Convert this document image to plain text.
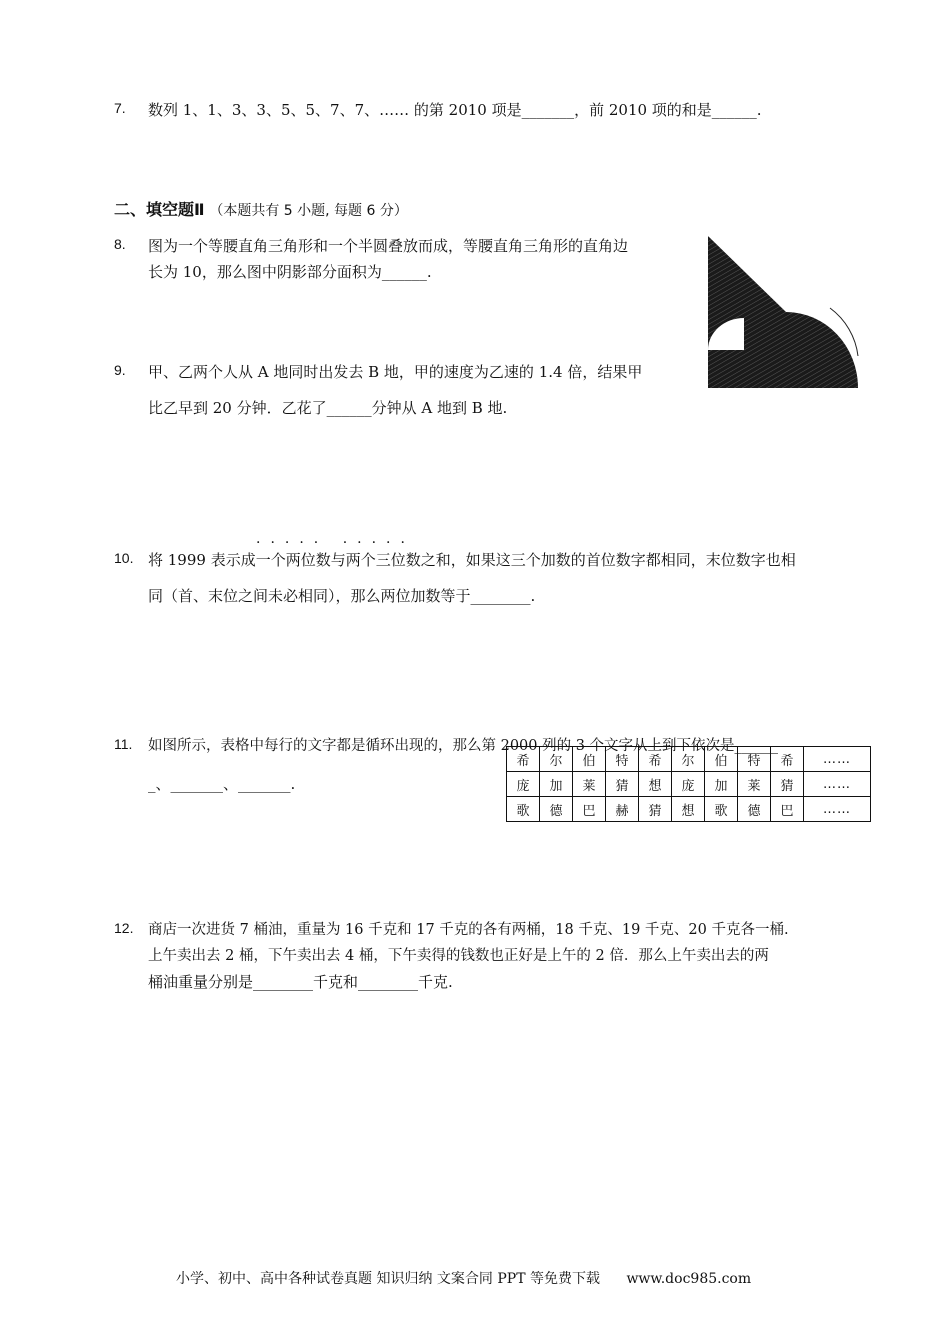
7. 数列 1、1、3、3、5、5、7、7、…… 的第 2010 项是_______，前 2010 项的和是______.
二、填空题Ⅱ （本题共有 5 小题, 每题 6 分）
8. 图为一个等腰直角三角形和一个半圆叠放而成，等腰直角三角形的直角边
长为 10，那么图中阴影部分面积为______.
9. 甲、乙两个人从 A 地同时出发去 B 地，甲的速度为乙速的 1.4 倍，结果甲
比乙早到 20 分钟．乙花了______分钟从 A 地到 B 地.
····· ·····
10. 将 1999 表示成一个两位数与两个三位数之和，如果这三个加数的首位数字都相同，末位数字也相
同（首、末位之间未必相同），那么两位加数等于________.
11. 如图所示，表格中每行的文字都是循环出现的，那么第 2000 列的 3 个文字从上到下依次是______
_、_______、_______.
希	尔	伯	特	希	尔	伯	特	希	……
庞	加	莱	猜	想	庞	加	莱	猜	……
歌	德	巴	赫	猜	想	歌	德	巴	……
12. 商店一次进货 7 桶油，重量为 16 千克和 17 千克的各有两桶，18 千克、19 千克、20 千克各一桶.
上午卖出去 2 桶，下午卖出去 4 桶，下午卖得的钱数也正好是上午的 2 倍．那么上午卖出去的两
桶油重量分别是________千克和________千克.
小学、初中、高中各种试卷真题 知识归纳 文案合同 PPT 等免费下载 www.doc985.com
